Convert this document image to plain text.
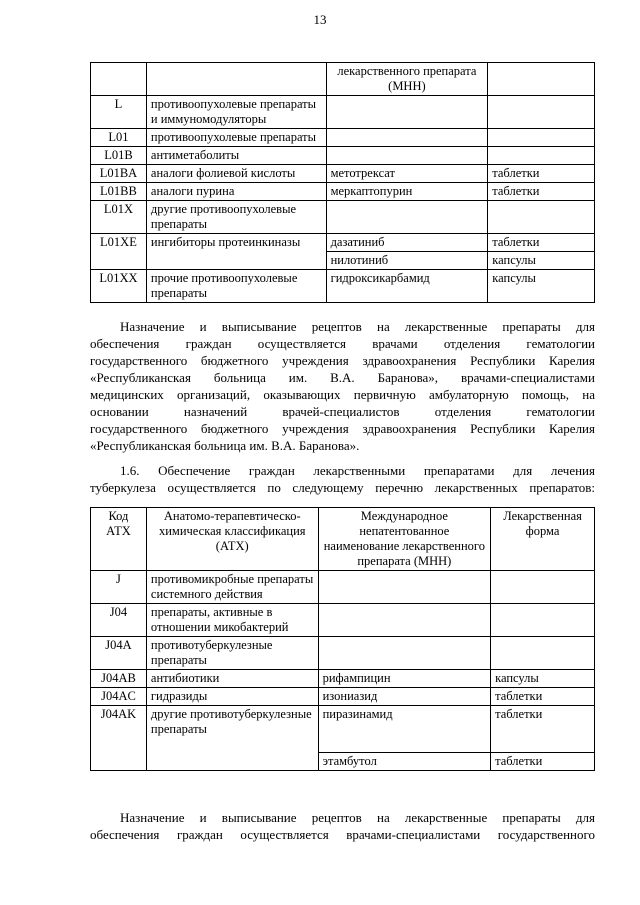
13
		лекарственного препарата (МНН)	
L	противоопухолевые препараты и иммуномодуляторы		
L01	противоопухолевые препараты		
L01B	антиметаболиты		
L01BA	аналоги фолиевой кислоты	метотрексат	таблетки
L01BB	аналоги пурина	меркаптопурин	таблетки
L01X	другие противоопухолевые препараты		
L01XE	ингибиторы протеинкиназы	дазатиниб	таблетки
		нилотиниб	капсулы
L01XX	прочие противоопухолевые препараты	гидроксикарбамид	капсулы

Назначение и выписывание рецептов на лекарственные препараты для

обеспечения граждан осуществляется врачами отделения гематологии

государственного бюджетного учреждения здравоохранения Республики Карелия

«Республиканская больница им. В.А. Баранова», врачами-специалистами

медицинских организаций, оказывающих первичную амбулаторную помощь, на

основании назначений врачей-специалистов отделения гематологии

государственного бюджетного учреждения здравоохранения Республики Карелия

«Республиканская больница им. В.А. Баранова».

1.6. Обеспечение граждан лекарственными препаратами для лечения

туберкулеза осуществляется по следующему перечню лекарственных препаратов:

Код АТХ	Анатомо-терапевтическо-химическая классификация (АТХ)	Международное непатентованное наименование лекарственного препарата (МНН)	Лекарственная форма
J	противомикробные препараты системного действия		
J04	препараты, активные в отношении микобактерий		
J04A	противотуберкулезные препараты		
J04AB	антибиотики	рифампицин	капсулы
J04AC	гидразиды	изониазид	таблетки
J04AK	другие противотуберкулезные препараты	пиразинамид	таблетки
		этамбутол	таблетки

Назначение и выписывание рецептов на лекарственные препараты для

обеспечения граждан осуществляется врачами-специалистами государственного
